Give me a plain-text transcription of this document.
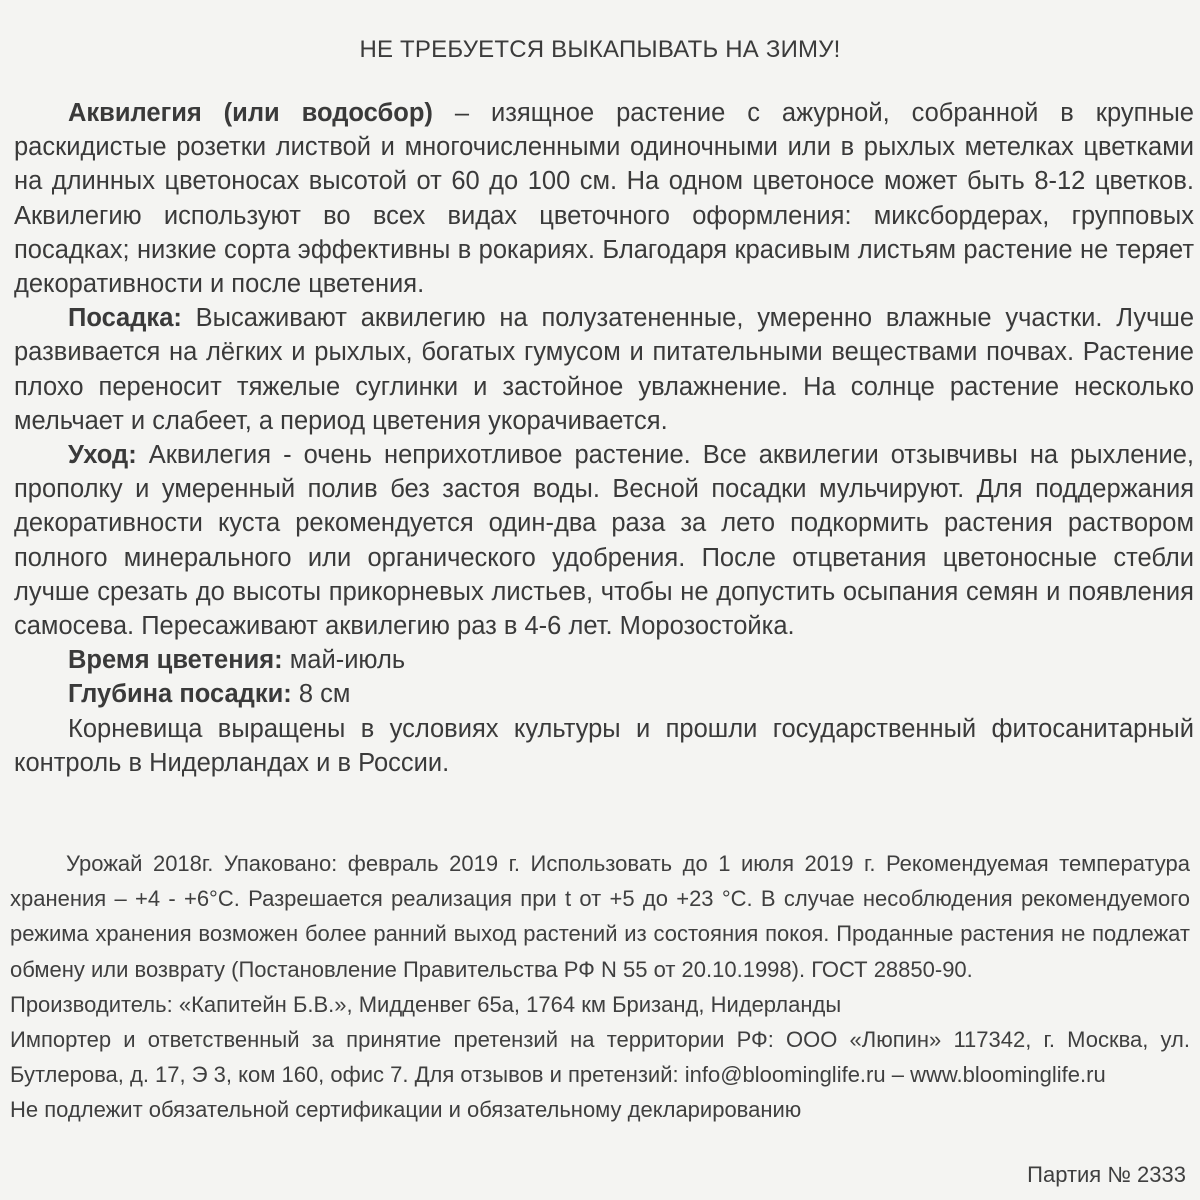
НЕ ТРЕБУЕТСЯ ВЫКАПЫВАТЬ НА ЗИМУ!

Аквилегия (или водосбор) – изящное растение с ажурной, собранной в крупные раскидистые розетки листвой и многочисленными одиночными или в рыхлых метелках цветками на длинных цветоносах высотой от 60 до 100 см. На одном цветоносе может быть 8-12 цветков. Аквилегию используют во всех видах цветочного оформления: миксбордерах, групповых посадках; низкие сорта эффективны в рокариях. Благодаря красивым листьям растение не теряет декоративности и после цветения.

Посадка: Высаживают аквилегию на полузатененные, умеренно влажные участки. Лучше развивается на лёгких и рыхлых, богатых гумусом и питательными веществами почвах. Растение плохо переносит тяжелые суглинки и застойное увлажнение. На солнце растение несколько мельчает и слабеет, а период цветения укорачивается.

Уход: Аквилегия - очень неприхотливое растение. Все аквилегии отзывчивы на рыхление, прополку и умеренный полив без застоя воды. Весной посадки мульчируют. Для поддержания декоративности куста рекомендуется один-два раза за лето подкормить растения раствором полного минерального или органического удобрения. После отцветания цветоносные стебли лучше срезать до высоты прикорневых листьев, чтобы не допустить осыпания семян и появления самосева. Пересаживают аквилегию раз в 4-6 лет. Морозостойка.

Время цветения: май-июль

Глубина посадки: 8 см

Корневища выращены в условиях культуры и прошли государственный фитосанитарный контроль в Нидерландах и в России.

Урожай 2018г. Упаковано: февраль 2019 г. Использовать до 1 июля 2019 г. Рекомендуемая температура хранения – +4 - +6°С. Разрешается реализация при t от +5 до +23 °С. В случае несоблюдения рекомендуемого режима хранения возможен более ранний выход растений из состояния покоя. Проданные растения не подлежат обмену или возврату (Постановление Правительства РФ N 55 от 20.10.1998). ГОСТ 28850-90.

Производитель: «Капитейн Б.В.», Мидденвег 65а, 1764 км Бризанд, Нидерланды

Импортер и ответственный за принятие претензий на территории РФ: ООО «Люпин» 117342, г. Москва, ул. Бутлерова, д. 17, Э 3, ком 160, офис 7. Для отзывов и претензий: info@bloominglife.ru – www.bloominglife.ru

Не подлежит обязательной сертификации и обязательному декларированию

Партия № 2333
